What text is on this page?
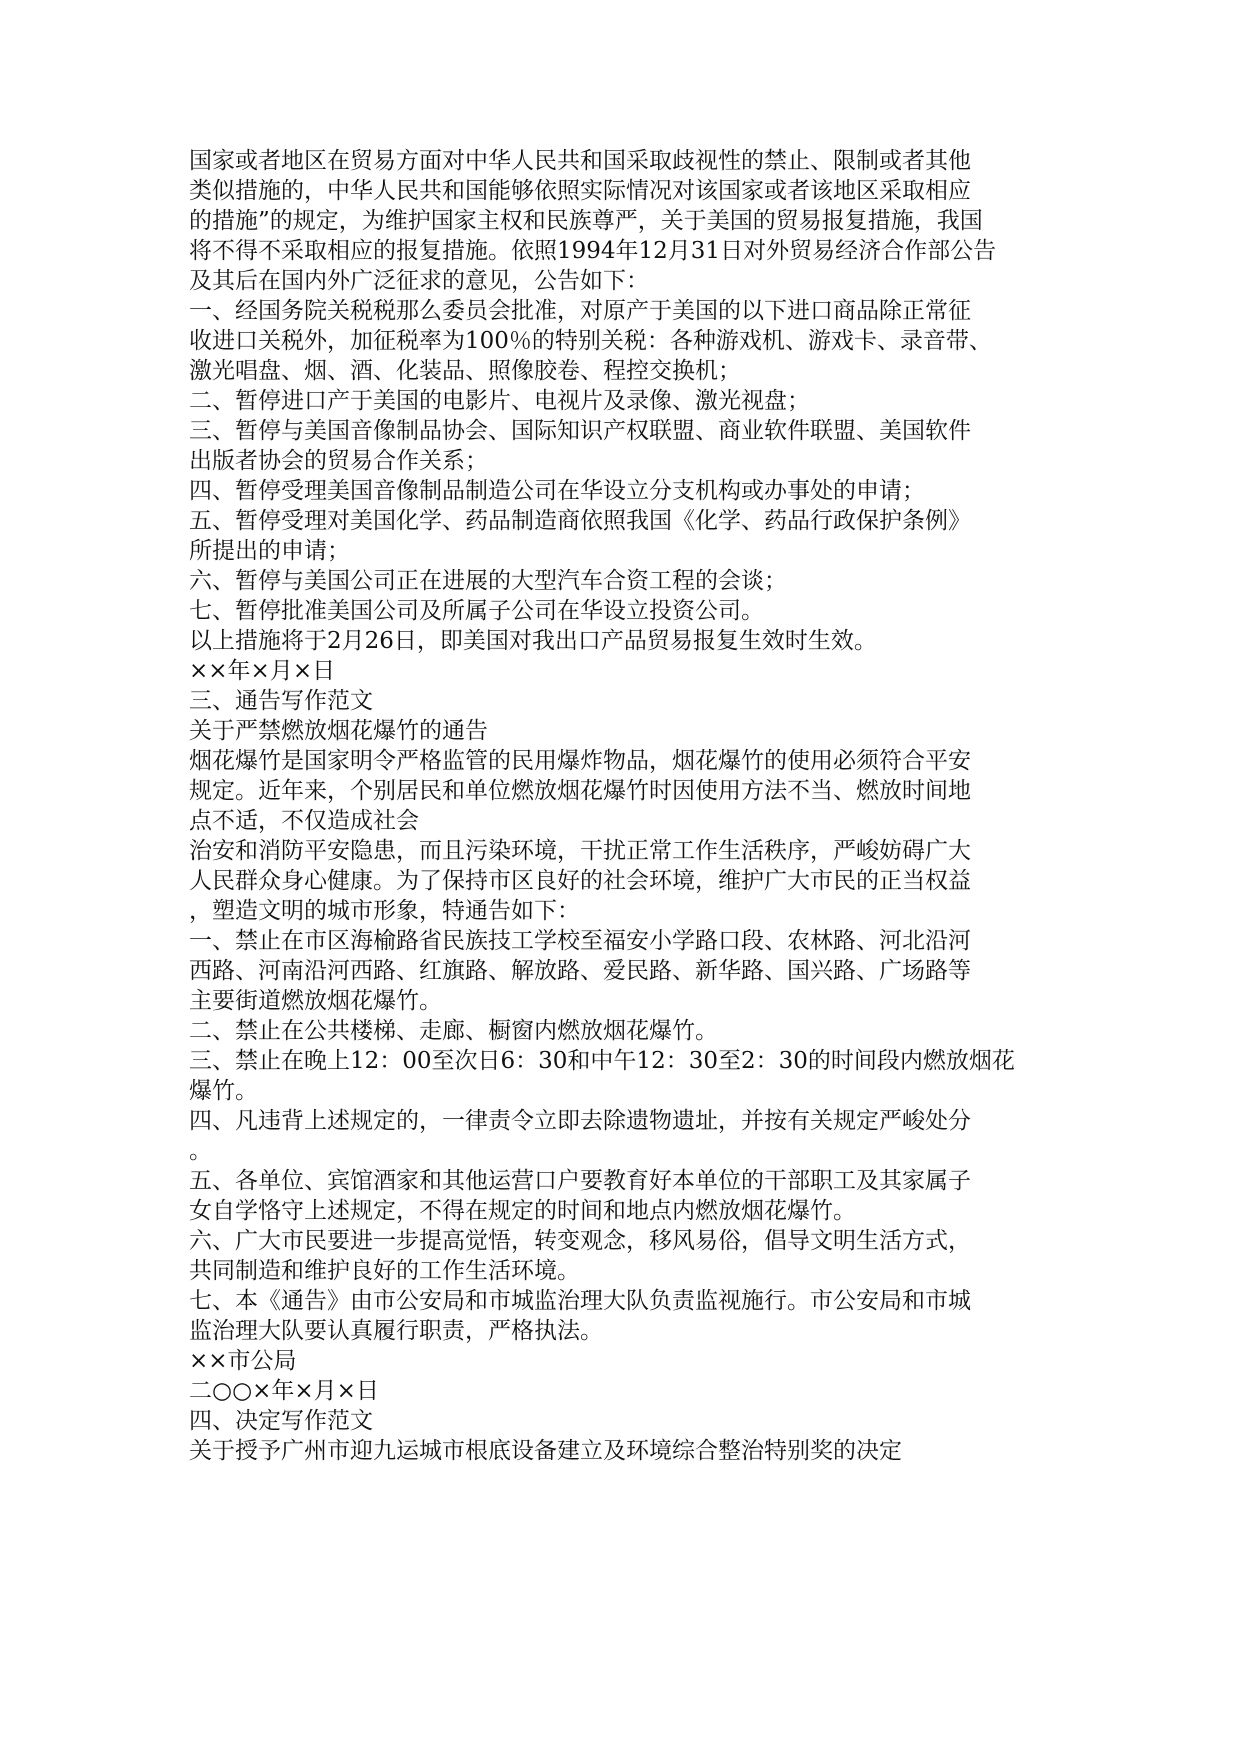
国家或者地区在贸易方面对中华人民共和国采取歧视性的禁止、限制或者其他
类似措施的，中华人民共和国能够依照实际情况对该国家或者该地区采取相应
的措施”的规定，为维护国家主权和民族尊严，关于美国的贸易报复措施，我国
将不得不采取相应的报复措施。依照1994年12月31日对外贸易经济合作部公告
及其后在国内外广泛征求的意见，公告如下：
一、经国务院关税税那么委员会批准，对原产于美国的以下进口商品除正常征
收进口关税外，加征税率为100％的特别关税：各种游戏机、游戏卡、录音带、
激光唱盘、烟、酒、化装品、照像胶卷、程控交换机；
二、暂停进口产于美国的电影片、电视片及录像、激光视盘；
三、暂停与美国音像制品协会、国际知识产权联盟、商业软件联盟、美国软件
出版者协会的贸易合作关系；
四、暂停受理美国音像制品制造公司在华设立分支机构或办事处的申请；
五、暂停受理对美国化学、药品制造商依照我国《化学、药品行政保护条例》
所提出的申请；
六、暂停与美国公司正在进展的大型汽车合资工程的会谈；
七、暂停批准美国公司及所属子公司在华设立投资公司。
以上措施将于2月26日，即美国对我出口产品贸易报复生效时生效。
××年×月×日
三、通告写作范文
关于严禁燃放烟花爆竹的通告
烟花爆竹是国家明令严格监管的民用爆炸物品，烟花爆竹的使用必须符合平安
规定。近年来，个别居民和单位燃放烟花爆竹时因使用方法不当、燃放时间地
点不适，不仅造成社会
治安和消防平安隐患，而且污染环境，干扰正常工作生活秩序，严峻妨碍广大
人民群众身心健康。为了保持市区良好的社会环境，维护广大市民的正当权益
，塑造文明的城市形象，特通告如下：
一、禁止在市区海榆路省民族技工学校至福安小学路口段、农林路、河北沿河
西路、河南沿河西路、红旗路、解放路、爱民路、新华路、国兴路、广场路等
主要街道燃放烟花爆竹。
二、禁止在公共楼梯、走廊、橱窗内燃放烟花爆竹。
三、禁止在晚上12：00至次日6：30和中午12：30至2：30的时间段内燃放烟花
爆竹。
四、凡违背上述规定的，一律责令立即去除遗物遗址，并按有关规定严峻处分
。
五、各单位、宾馆酒家和其他运营口户要教育好本单位的干部职工及其家属子
女自学恪守上述规定，不得在规定的时间和地点内燃放烟花爆竹。
六、广大市民要进一步提高觉悟，转变观念，移风易俗，倡导文明生活方式，
共同制造和维护良好的工作生活环境。
七、本《通告》由市公安局和市城监治理大队负责监视施行。市公安局和市城
监治理大队要认真履行职责，严格执法。
××市公局
二○○×年×月×日
四、决定写作范文
关于授予广州市迎九运城市根底设备建立及环境综合整治特别奖的决定
